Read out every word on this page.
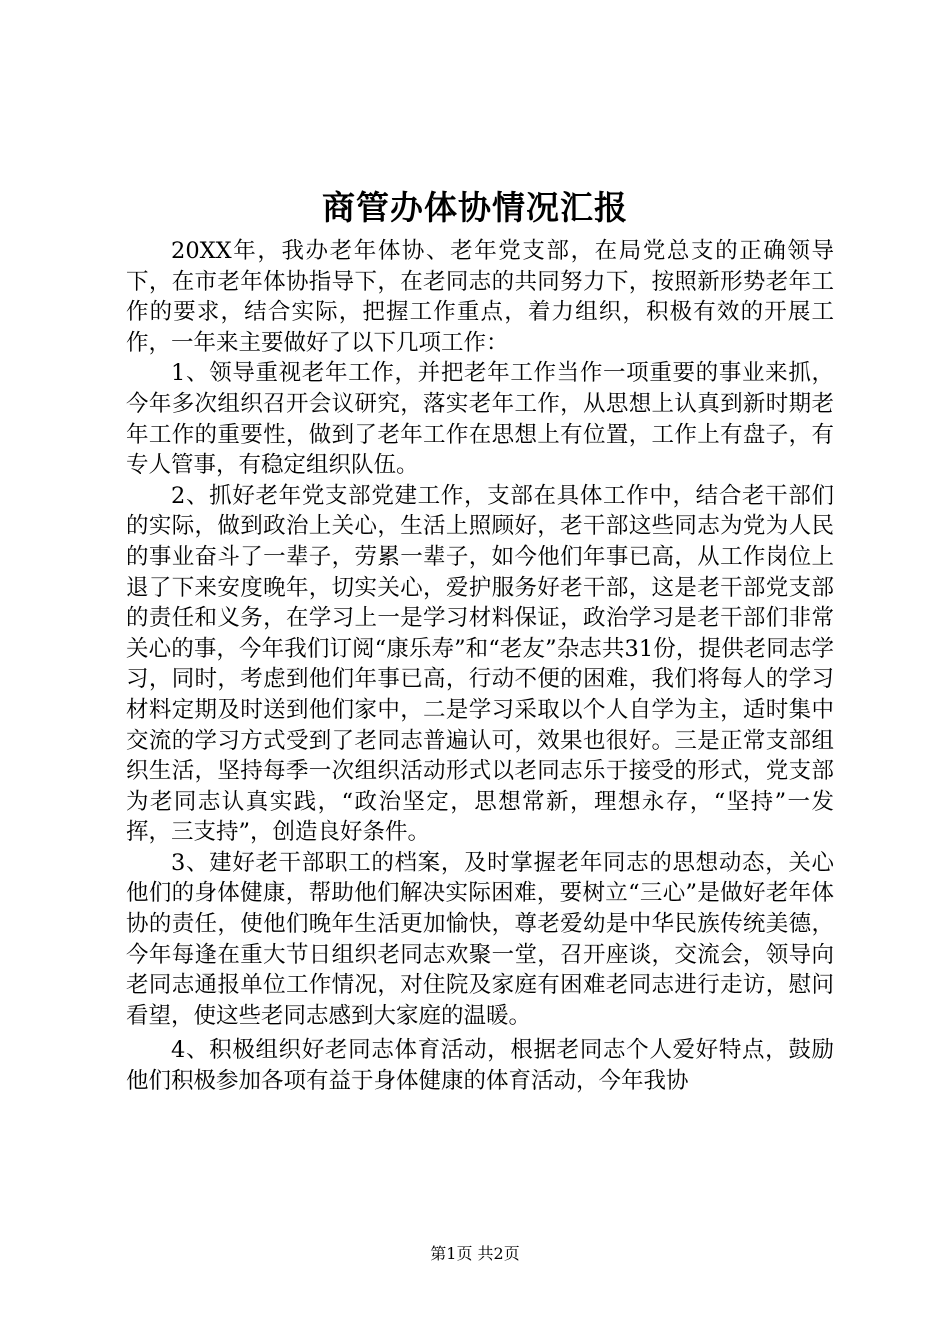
商管办体协情况汇报

20XX年，我办老年体协、老年党支部，在局党总支的正确领导下，在市老年体协指导下，在老同志的共同努力下，按照新形势老年工作的要求，结合实际，把握工作重点，着力组织，积极有效的开展工作，一年来主要做好了以下几项工作：

1、领导重视老年工作，并把老年工作当作一项重要的事业来抓，今年多次组织召开会议研究，落实老年工作，从思想上认真到新时期老年工作的重要性，做到了老年工作在思想上有位置，工作上有盘子，有专人管事，有稳定组织队伍。

2、抓好老年党支部党建工作，支部在具体工作中，结合老干部们的实际，做到政治上关心，生活上照顾好，老干部这些同志为党为人民的事业奋斗了一辈子，劳累一辈子，如今他们年事已高，从工作岗位上退了下来安度晚年，切实关心，爱护服务好老干部，这是老干部党支部的责任和义务，在学习上一是学习材料保证，政治学习是老干部们非常关心的事，今年我们订阅“康乐寿”和“老友”杂志共31份，提供老同志学习，同时，考虑到他们年事已高，行动不便的困难，我们将每人的学习材料定期及时送到他们家中，二是学习采取以个人自学为主，适时集中交流的学习方式受到了老同志普遍认可，效果也很好。三是正常支部组织生活，坚持每季一次组织活动形式以老同志乐于接受的形式，党支部为老同志认真实践，“政治坚定，思想常新，理想永存，“坚持”一发挥，三支持”，创造良好条件。

3、建好老干部职工的档案，及时掌握老年同志的思想动态，关心他们的身体健康，帮助他们解决实际困难，要树立“三心”是做好老年体协的责任，使他们晚年生活更加愉快，尊老爱幼是中华民族传统美德，今年每逢在重大节日组织老同志欢聚一堂，召开座谈，交流会，领导向老同志通报单位工作情况，对住院及家庭有困难老同志进行走访，慰问看望，使这些老同志感到大家庭的温暖。

4、积极组织好老同志体育活动，根据老同志个人爱好特点，鼓励他们积极参加各项有益于身体健康的体育活动，今年我协

第1页 共2页
